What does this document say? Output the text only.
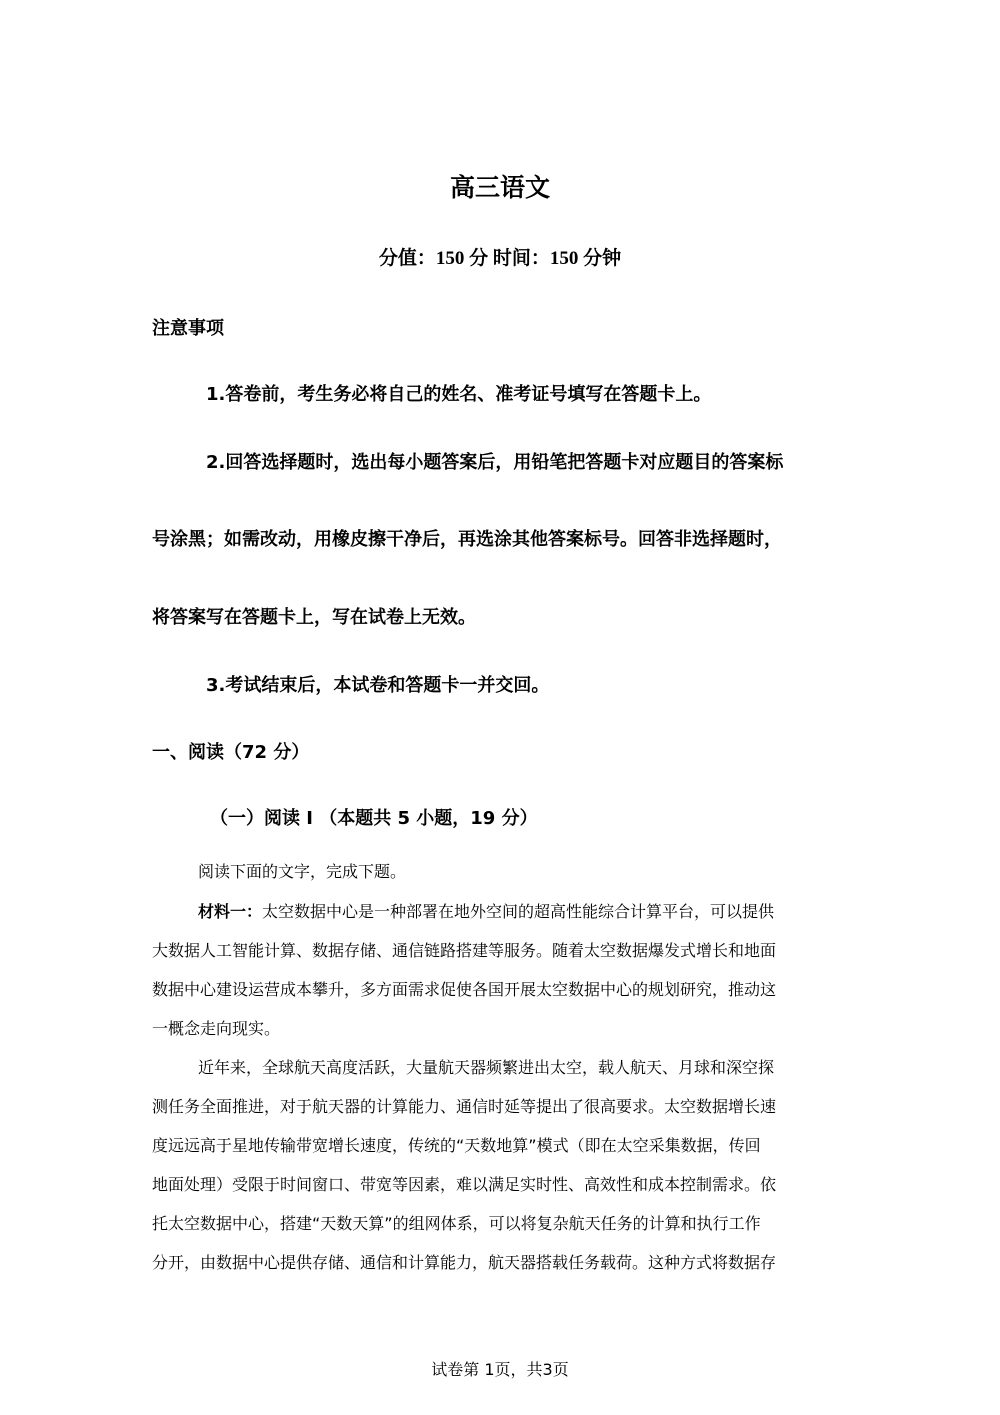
高三语文
分值：150 分 时间：150 分钟
注意事项
1.答卷前，考生务必将自己的姓名、准考证号填写在答题卡上。
2.回答选择题时，选出每小题答案后，用铅笔把答题卡对应题目的答案标
号涂黑；如需改动，用橡皮擦干净后，再选涂其他答案标号。回答非选择题时，
将答案写在答题卡上，写在试卷上无效。
3.考试结束后，本试卷和答题卡一并交回。
一、阅读（72 分）
（一）阅读 I （本题共 5 小题，19 分）
阅读下面的文字，完成下题。
材料一：太空数据中心是一种部署在地外空间的超高性能综合计算平台，可以提供
大数据人工智能计算、数据存储、通信链路搭建等服务。随着太空数据爆发式增长和地面
数据中心建设运营成本攀升，多方面需求促使各国开展太空数据中心的规划研究，推动这
一概念走向现实。
近年来，全球航天高度活跃，大量航天器频繁进出太空，载人航天、月球和深空探
测任务全面推进，对于航天器的计算能力、通信时延等提出了很高要求。太空数据增长速
度远远高于星地传输带宽增长速度，传统的“天数地算”模式（即在太空采集数据，传回
地面处理）受限于时间窗口、带宽等因素，难以满足实时性、高效性和成本控制需求。依
托太空数据中心，搭建“天数天算”的组网体系，可以将复杂航天任务的计算和执行工作
分开，由数据中心提供存储、通信和计算能力，航天器搭载任务载荷。这种方式将数据存
试卷第 1页，共3页
